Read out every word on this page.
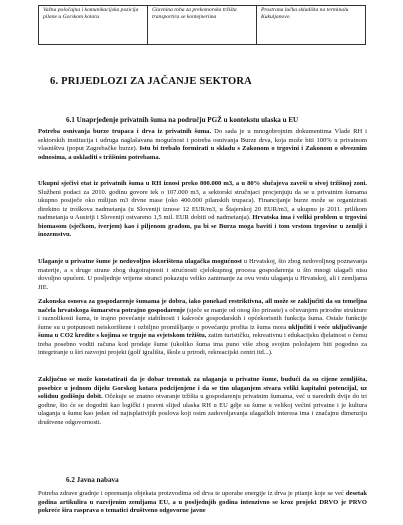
Važna poločajna i komunikacijska pozicija pilane u Gorskom kotaru
Glavnina roba za prekomorska tržišta transportira se kontejnerima
Prostrana lučka skladišta na terminalu Kukuljanovo
6. PRIJEDLOZI ZA JAČANJE SEKTORA
6.1 Unaprjeđenje privatnih šuma na području PGŽ u kontekstu ulaska u EU
Potreba osnivanja burze trupaca i drva iz privatnih šuma. Do sada je u mnogobrojnim dokumentima Vlade RH i sektorskih institucija i udruga naglašavana mogućnost i potreba osnivanja Burze drva, koja može biti 100% u privatnom vlasništvu (poput Zagrebačke burze). Istu bi trebalo formirati u skladu s Zakonom o trgovini i Zakonom o obveznim odnosima, a uskladiti s tržišnim potrebama.
Ukupni sječivi etat iz privatnih šuma u RH iznosi preko 800.000 m3, a u 80% slučajeva završi u sivoj tržišnoj zoni. Službeni podaci za 2010. godinu govore tek o 107.000 m3, a sektorski stručnjaci procjenjuju da se u privatnim šumama ukupno posiječe oko milijun m3 drvne mase (oko 400.000 pilanskih trupaca). Financijanje burze može se organizirati direktno iz troškova nadmetanja (u Sloveniji iznose 12 EUR/m3, u Štajerskoj 20 EUR/m3, a ukupno je 2011. prilikom nadmetanja u Austriji i Sloveniji ostvareno 1,5 mil. EUR dobiti od nadmetanja). Hrvatska ima i veliki problem u trgovini biomasom (sječkom, iverjem) kao i piljenom građom, pa bi se Burza moga baviti i tom vrstom trgovine u zemlji i inozemstvu.
Ulaganje u privatne šume je nedovoljno iskorištena ulagačka mogućnost u Hrvatskoj, što zbog nedovoljnog poznavanja materije, a s druge strane zbog dugotrajnosti i strućnosti cjelokupnog procesa gospodarenja u što mnogi ulagači nisu dovoljno upućeni. U posljednje vrijeme stranci pokazuju veliko zanimanje za ovu vrstu ulaganja u Hrvatskoj, ali i zemljama JIE.
Zakonska osnova za gospodarenje šumama je dobra, iako ponekad restriktivna, all može se zaključiti da su temeljna načela hrvatskoga šumarstva potrajno gospodarenje (sječe se manje od onog što priraste) s očuvanjem prirodne strukture i raznolikosti šuma, te trajno povećanje stabilnosti i kakvoće gospodarskih i općekorisnih funkcija šuma. Ostale funkcije šume su u potpunosti neiskorištene i ozbiljno promišljanje o povećanju profita iz šuma mora uključiti i veće uključivanje šuma u CO2 kredite s kojima se trguje na svjetskom tržištu, zatim turističku, rekreativnu i edukacijsku djelatnost o čemu treba posebno voditi računa kod prodaje šume (ukoliko šuma ima puno više zbog svojim položajem biti pogodno za integriranje u širi razvojni projekt (golf igrališta, škole u prirodi, rekreacijski centri itd...).
Zaključno se može konstatirati da je dobar trenutak za ulaganja u privatne šume, budući da su cijene zemljišta, posebice u jednom dijelu Gorskog kotara podcijenjene i da se tim ulaganjem stvara veliki kapitalni potencijal, uz solidnu godišnju dobit. Očekuje se znatno otvaranje tržišta u gospodarenju privatnim šumama, već u narednih dvije do tri godine, što će se dogoditi kao logički i pravni slijed ulaska RH u EU gdje su šume u velikoj većini privatne i je kultura ulaganja u šumu kao jedan od najisplativijih poslova koji osim zadovoljavanja ulagačkih interesa ima i značajnu dimenziju društvene odgovornosti.
6.2 Javna nabava
Potreba zdrave gradnje i opremanja objekata proizvodima od drva te uporabe energije iz drva je pitanje koje se već desetak godina artikulira u razvijenim zemljama EU, a u posljednjih godina intenzivno se kroz projekt DRVO je PRVO pokreće šira rasprava o tematici društveno odgovorne javne
